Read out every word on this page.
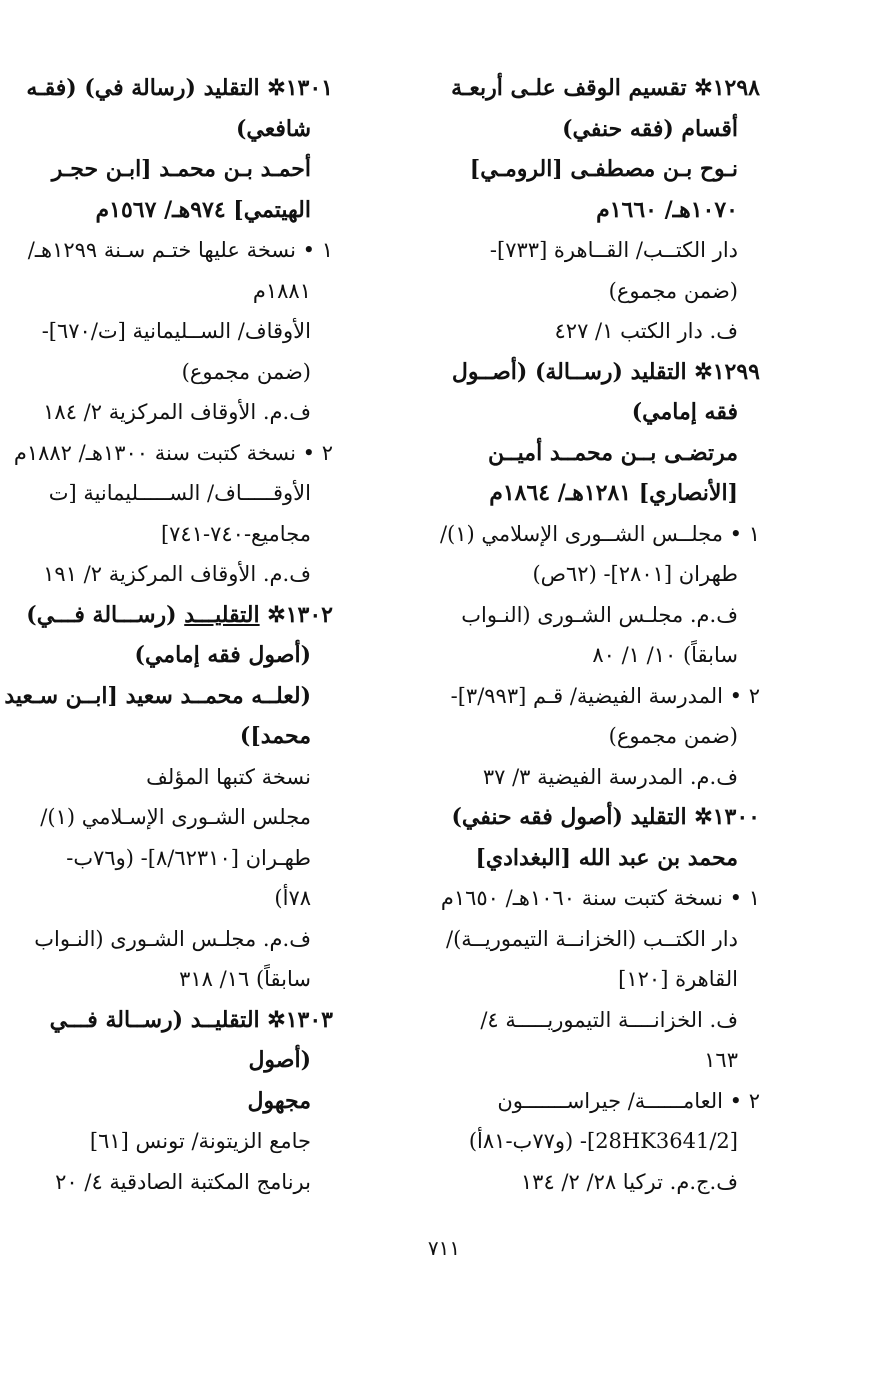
١٢٩٨✲ تقسيم الوقف علـى أربعـة
أقسام (فقه حنفي)
نـوح بـن مصطفـى [الرومـي]
١٠٧٠هـ/ ١٦٦٠م
دار الكتــب/ القــاهرة [٧٣٣]-
(ضمن مجموع)
ف. دار الكتب ١/ ٤٢٧
١٢٩٩✲ التقليد (رســالة) (أصــول
فقه إمامي)
مرتضـى بــن محمــد أميــن
[الأنصاري] ١٢٨١هـ/ ١٨٦٤م
١ • مجلــس الشــورى الإسلامي (١)/
طهران [٢٨٠١]- (٦٢ص)
ف.م. مجلـس الشـورى (النـواب
سابقاً) ١٠/ ١/ ٨٠
٢ • المدرسة الفيضية/ قـم [٣/٩٩٣]-
(ضمن مجموع)
ف.م. المدرسة الفيضية ٣/ ٣٧
١٣٠٠✲ التقليد (أصول فقه حنفي)
محمد بن عبد الله [البغدادي]
١ • نسخة كتبت سنة ١٠٦٠هـ/ ١٦٥٠م
دار الكتــب (الخزانــة التيموريــة)/
القاهرة [١٢٠]
ف. الخزانــــة التيموريـــــة ٤/
١٦٣
٢ • العامــــــة/ جيراســـــــون
[28HK3641/2]- (و٧٧ب-٨١أ)
ف.ج.م. تركيا ٢٨/ ٢/ ١٣٤
١٣٠١✲ التقليد (رسالة في) (فقـه
شافعي)
أحمـد بـن محمـد [ابـن حجـر
الهيتمي] ٩٧٤هـ/ ١٥٦٧م
١ • نسخة عليها ختـم سـنة ١٢٩٩هـ/
١٨٨١م
الأوقاف/ الســليمانية [ت/٦٧٠]-
(ضمن مجموع)
ف.م. الأوقاف المركزية ٢/ ١٨٤
٢ • نسخة كتبت سنة ١٣٠٠هـ/ ١٨٨٢م
الأوقـــــاف/ الســـــليمانية [ت
مجاميع-٧٤٠-٧٤١]
ف.م. الأوقاف المركزية ٢/ ١٩١
١٣٠٢✲ التقليـــد (رســـالة فـــي)
(أصول فقه إمامي)
(لعلــه محمــد سعيد [ابــن سـعيد
محمد])
نسخة كتبها المؤلف
مجلس الشـورى الإسـلامي (١)/
طهـران [٨/٦٢٣١٠]- (و٧٦ب-
٧٨أ)
ف.م. مجلـس الشـورى (النـواب
سابقاً) ١٦/ ٣١٨
١٣٠٣✲ التقليــد (رســالة فـــي
(أصول
مجهول
جامع الزيتونة/ تونس [٦١]
برنامج المكتبة الصادقية ٤/ ٢٠
٧١١
